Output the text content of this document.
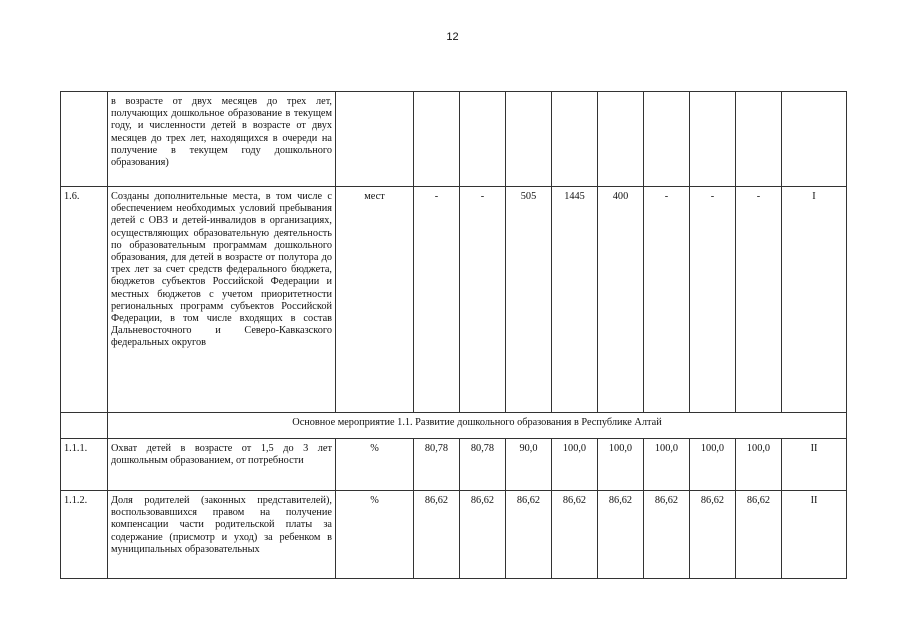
12
	в возрасте от двух месяцев до трех лет, получающих дошкольное образование в текущем году, и численности детей в возрасте от двух месяцев до трех лет, находящихся в очереди на получение в текущем году дошкольного образования)										
1.6.	Созданы дополнительные места, в том числе с обеспечением необходимых условий пребывания детей с ОВЗ и детей-инвалидов в организациях, осуществляющих образовательную деятельность по образовательным программам дошкольного образования, для детей в возрасте от полутора до трех лет за счет средств федерального бюджета, бюджетов субъектов Российской Федерации и местных бюджетов с учетом приоритетности региональных программ субъектов Российской Федерации, в том числе входящих в состав Дальневосточного и Северо-Кавказского федеральных округов	мест	-	-	505	1445	400	-	-	-	I
	Основное мероприятие 1.1. Развитие дошкольного образования в Республике Алтай										
1.1.1.	Охват детей в возрасте от 1,5 до 3 лет дошкольным образованием, от потребности	%	80,78	80,78	90,0	100,0	100,0	100,0	100,0	100,0	II
1.1.2.	Доля родителей (законных представителей), воспользовавшихся правом на получение компенсации части родительской платы за содержание (присмотр и уход) за ребенком в муниципальных образовательных	%	86,62	86,62	86,62	86,62	86,62	86,62	86,62	86,62	II
